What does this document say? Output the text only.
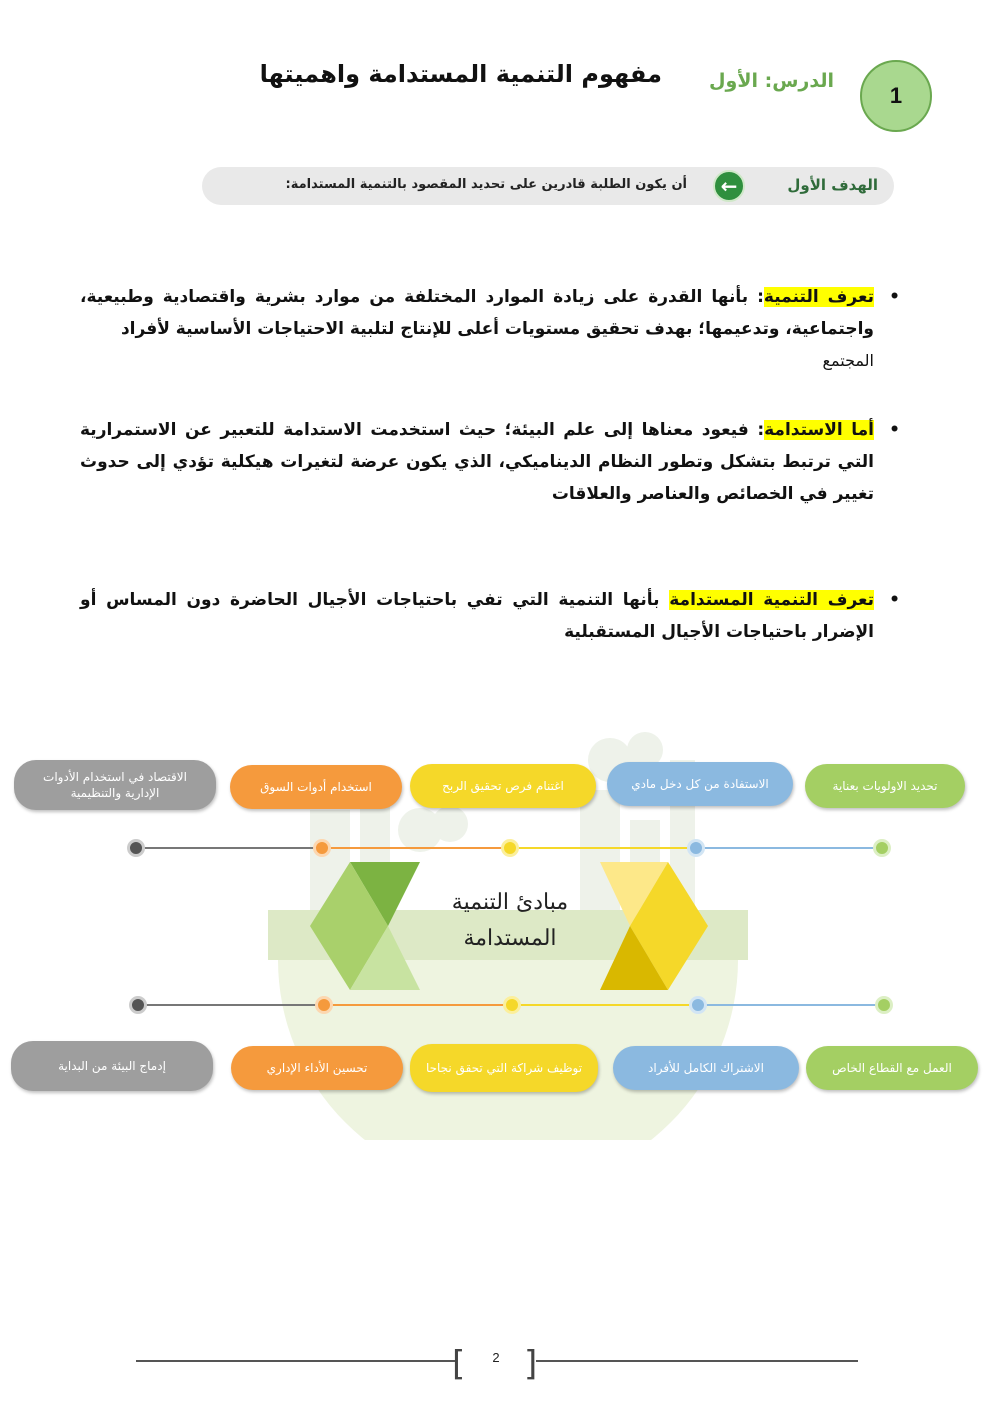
1
الدرس: الأول
مفهوم التنمية المستدامة واهميتها
الهدف الأول
←
أن يكون الطلبة قادرين على تحديد المقصود بالتنمية المستدامة:
•
تعرف التنمية: بأنها القدرة على زيادة الموارد المختلفة من موارد بشرية واقتصادية وطبيعية، واجتماعية، وتدعيمها؛ بهدف تحقيق مستويات أعلى للإنتاج لتلبية الاحتياجات الأساسية لأفراد
المجتمع
•
أما الاستدامة: فيعود معناها إلى علم البيئة؛ حيث استخدمت الاستدامة للتعبير عن الاستمرارية التي ترتبط بتشكل وتطور النظام الديناميكي، الذي يكون عرضة لتغيرات هيكلية تؤدي إلى حدوث تغيير في الخصائص والعناصر والعلاقات
•
تعرف التنمية المستدامة بأنها التنمية التي تفي باحتياجات الأجيال الحاضرة دون المساس أو الإضرار باحتياجات الأجيال المستقبلية
مبادئ التنمية المستدامة
تحديد الاولويات بعناية
الاستفادة من كل دخل مادي
اغتنام فرص تحقيق الربح
استخدام أدوات السوق
الاقتصاد في استخدام الأدوات الإدارية والتنظيمية
العمل مع القطاع الخاص
الاشتراك الكامل للأفراد
توظيف شراكة التي تحقق نجاحا
تحسين الأداء الإداري
إدماج البيئة من البداية
[ ]
2
